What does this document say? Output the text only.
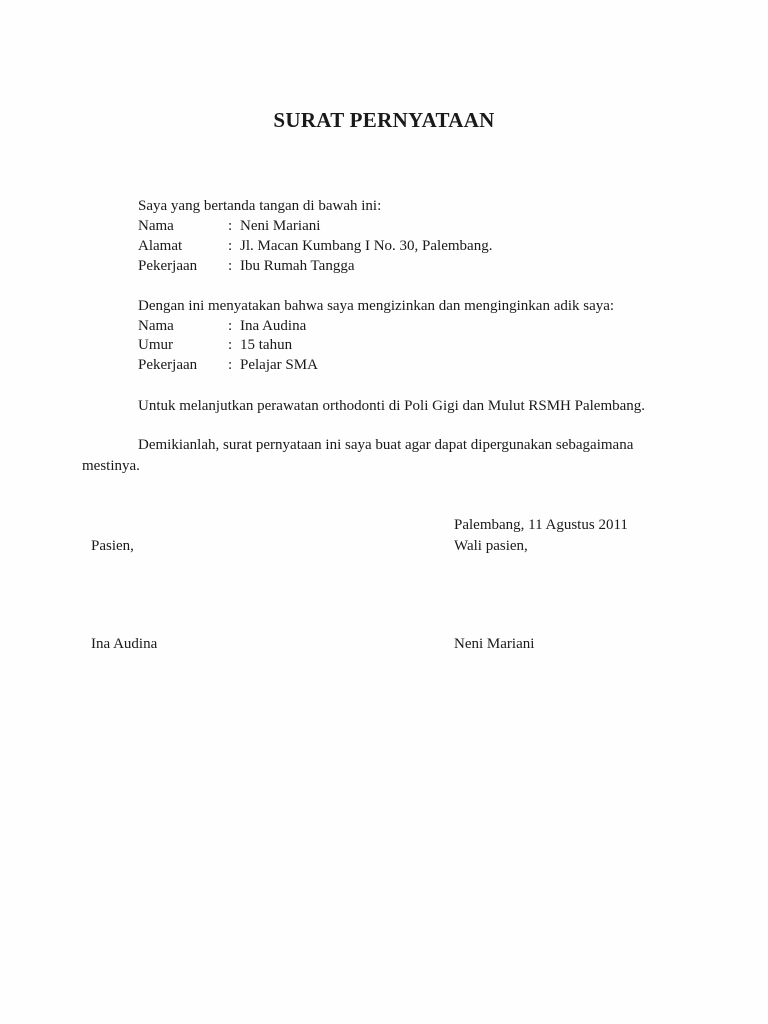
SURAT PERNYATAAN
Saya yang bertanda tangan di bawah ini:
Nama	: Neni Mariani
Alamat	: Jl. Macan Kumbang I No. 30, Palembang.
Pekerjaan : Ibu Rumah Tangga
Dengan ini menyatakan bahwa saya mengizinkan dan menginginkan adik saya:
Nama	: Ina Audina
Umur	: 15 tahun
Pekerjaan : Pelajar SMA
Untuk melanjutkan perawatan orthodonti di Poli Gigi dan Mulut RSMH Palembang.
Demikianlah, surat pernyataan ini saya buat agar dapat dipergunakan sebagaimana
mestinya.
Palembang, 11 Agustus 2011
Pasien,	Wali pasien,
Ina Audina	Neni Mariani
